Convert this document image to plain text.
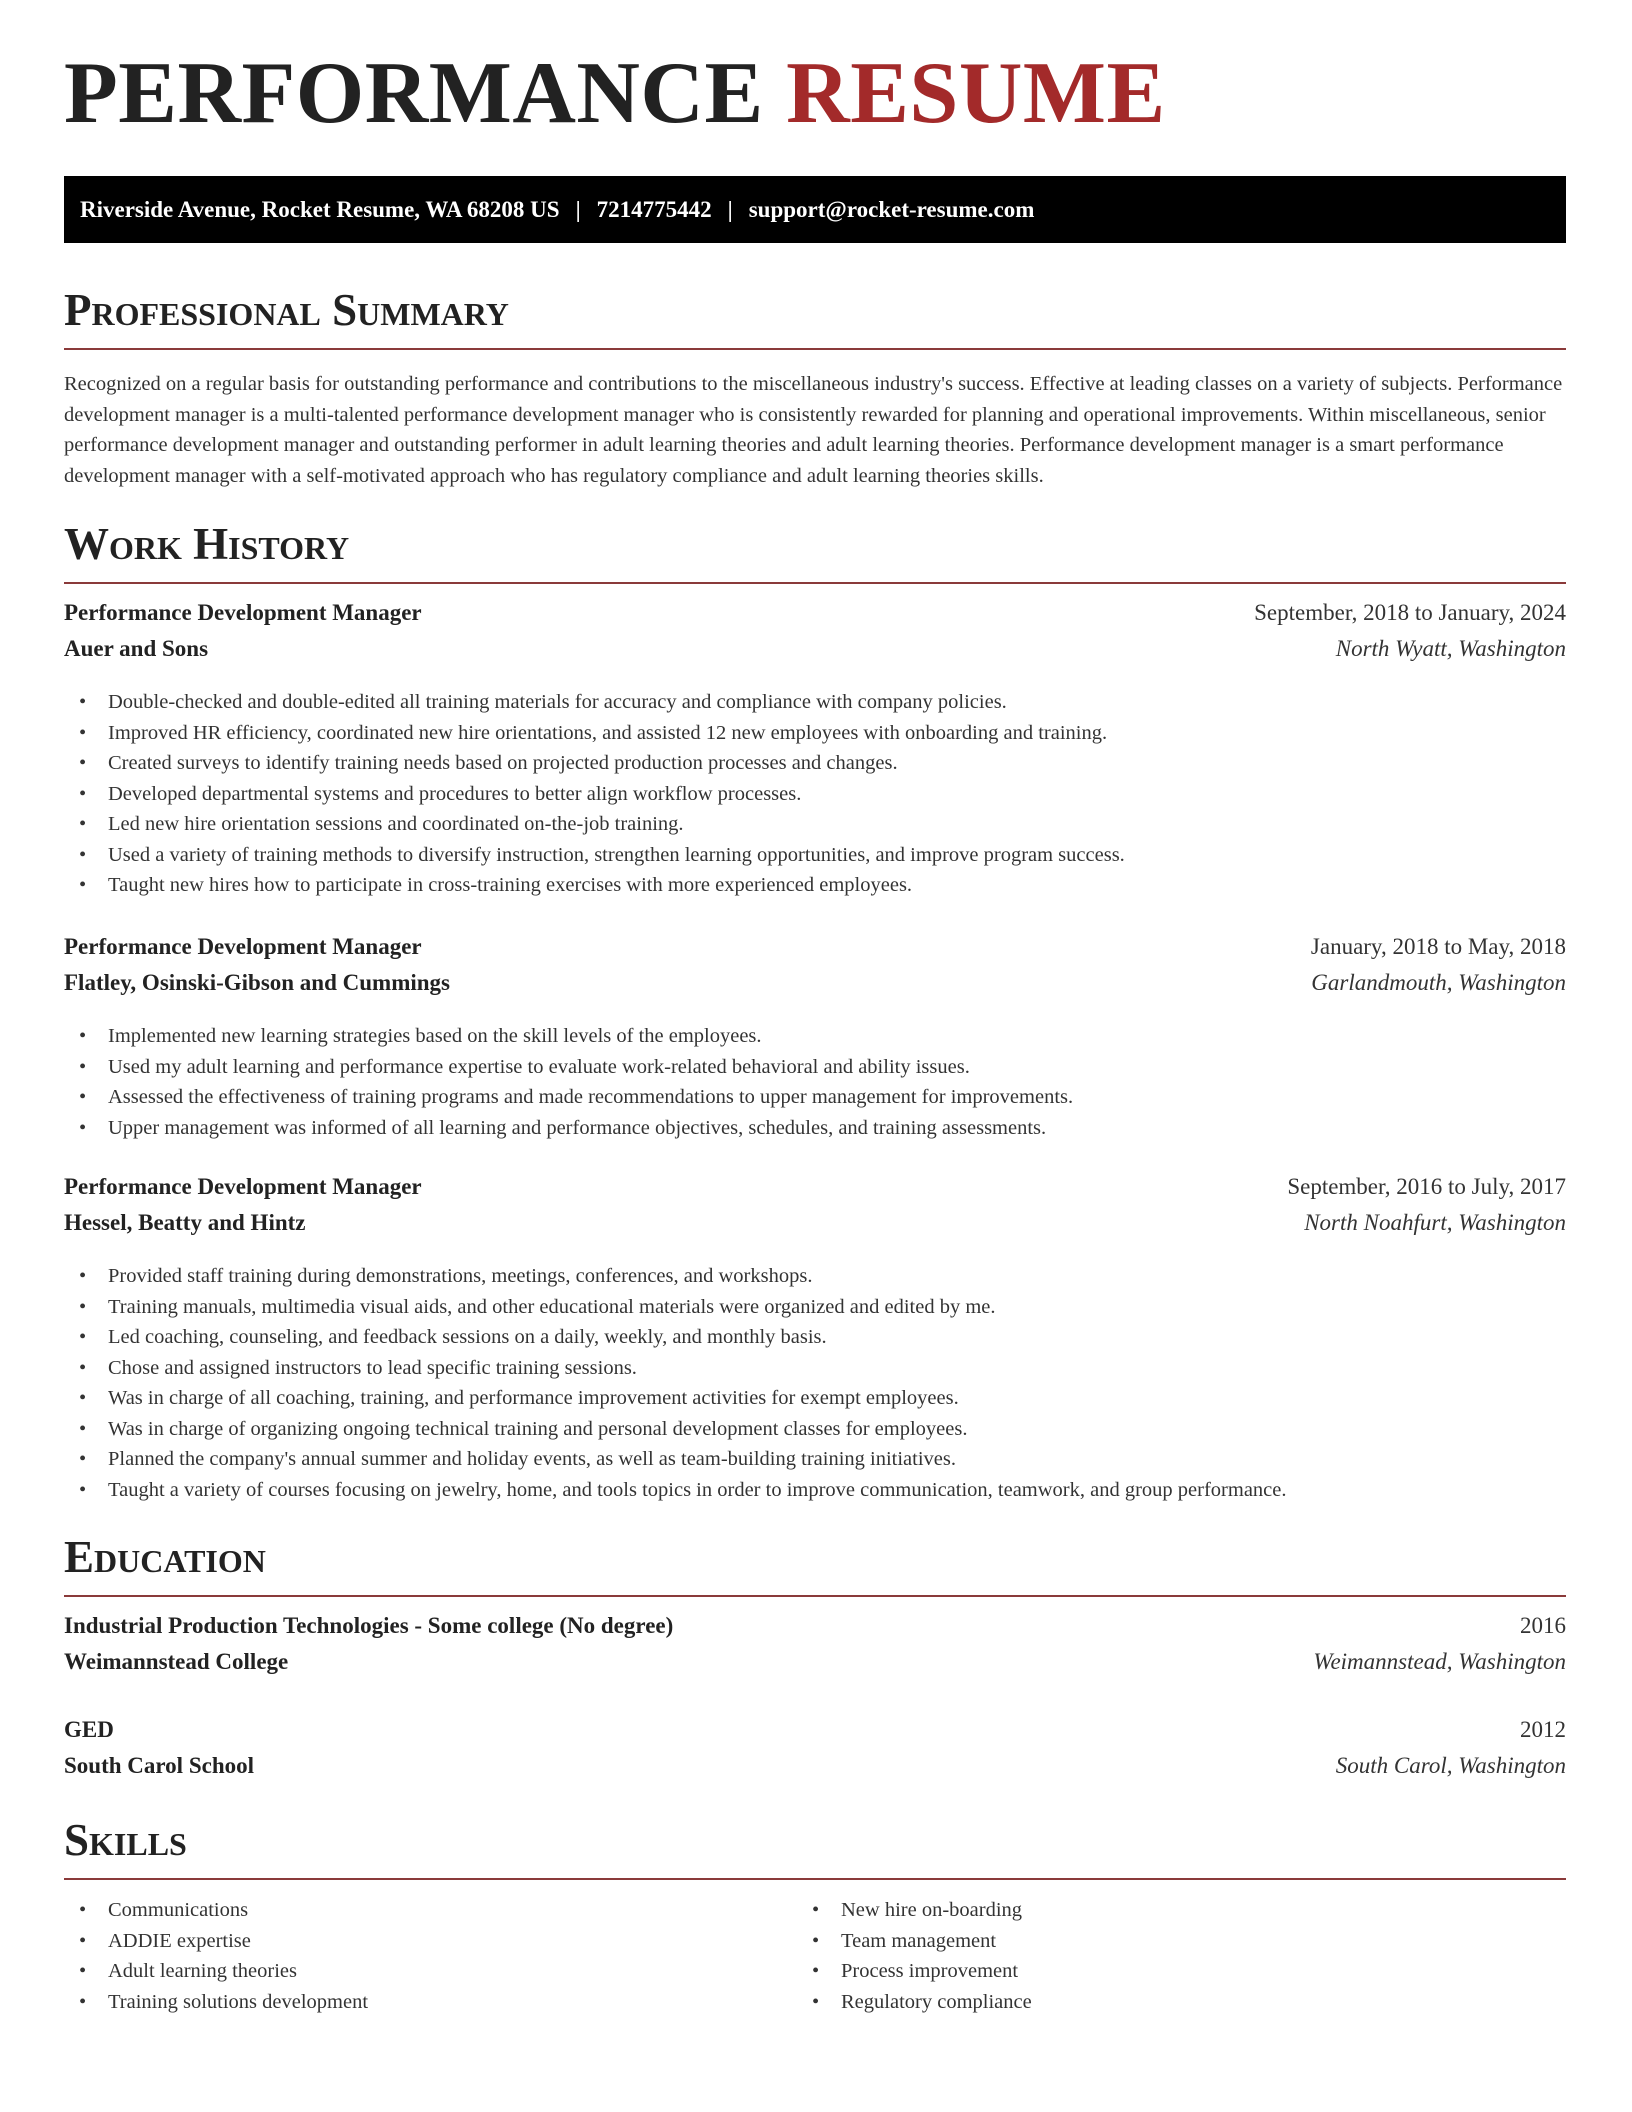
PERFORMANCE RESUME
Riverside Avenue, Rocket Resume, WA 68208 US | 7214775442 | support@rocket-resume.com
Professional Summary

Recognized on a regular basis for outstanding performance and contributions to the miscellaneous industry's success. Effective at leading classes on a variety of subjects. Performance development manager is a multi-talented performance development manager who is consistently rewarded for planning and operational improvements. Within miscellaneous, senior performance development manager and outstanding performer in adult learning theories and adult learning theories. Performance development manager is a smart performance development manager with a self-motivated approach who has regulatory compliance and adult learning theories skills.

Work History
Performance Development Manager	September, 2018 to January, 2024
Auer and Sons	North Wyatt, Washington
• Double-checked and double-edited all training materials for accuracy and compliance with company policies.
• Improved HR efficiency, coordinated new hire orientations, and assisted 12 new employees with onboarding and training.
• Created surveys to identify training needs based on projected production processes and changes.
• Developed departmental systems and procedures to better align workflow processes.
• Led new hire orientation sessions and coordinated on-the-job training.
• Used a variety of training methods to diversify instruction, strengthen learning opportunities, and improve program success.
• Taught new hires how to participate in cross-training exercises with more experienced employees.
Performance Development Manager	January, 2018 to May, 2018
Flatley, Osinski-Gibson and Cummings	Garlandmouth, Washington
• Implemented new learning strategies based on the skill levels of the employees.
• Used my adult learning and performance expertise to evaluate work-related behavioral and ability issues.
• Assessed the effectiveness of training programs and made recommendations to upper management for improvements.
• Upper management was informed of all learning and performance objectives, schedules, and training assessments.
Performance Development Manager	September, 2016 to July, 2017
Hessel, Beatty and Hintz	North Noahfurt, Washington
• Provided staff training during demonstrations, meetings, conferences, and workshops.
• Training manuals, multimedia visual aids, and other educational materials were organized and edited by me.
• Led coaching, counseling, and feedback sessions on a daily, weekly, and monthly basis.
• Chose and assigned instructors to lead specific training sessions.
• Was in charge of all coaching, training, and performance improvement activities for exempt employees.
• Was in charge of organizing ongoing technical training and personal development classes for employees.
• Planned the company's annual summer and holiday events, as well as team-building training initiatives.
• Taught a variety of courses focusing on jewelry, home, and tools topics in order to improve communication, teamwork, and group performance.
Education
Industrial Production Technologies - Some college (No degree)	2016
Weimannstead College	Weimannstead, Washington
GED	2012
South Carol School	South Carol, Washington
Skills
• Communications
• ADDIE expertise
• Adult learning theories
• Training solutions development
• New hire on-boarding
• Team management
• Process improvement
• Regulatory compliance
